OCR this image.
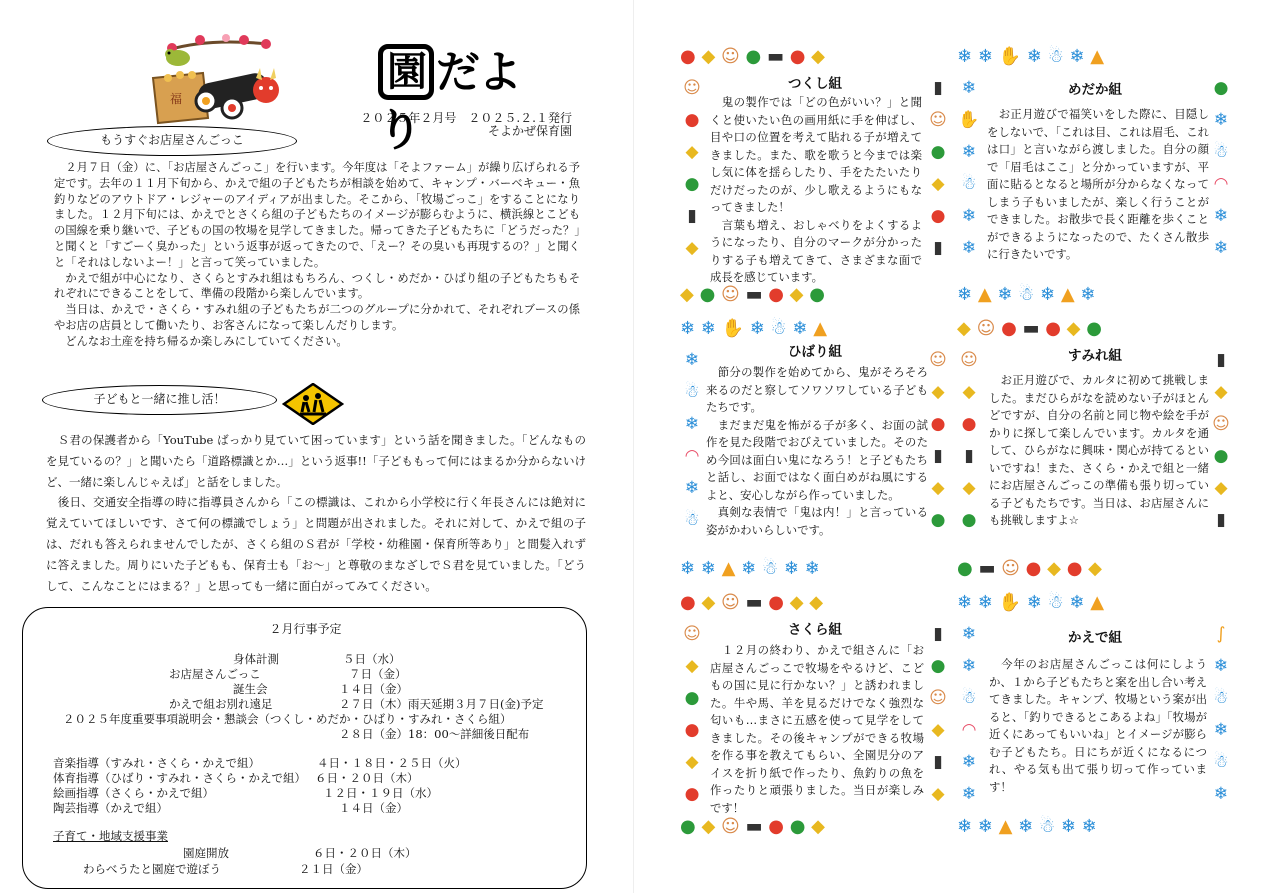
福
園 だより
２０２５年２月号　２０２５.２.１発行
そよかぜ保育園
もうすぐお店屋さんごっこ
　２月７日（金）に、「お店屋さんごっこ」を行います。今年度は「そよファーム」が繰り広げられる予定です。去年の１１月下旬から、かえで組の子どもたちが相談を始めて、キャンプ・バーベキュー・魚釣りなどのアウトドア・レジャーのアイディアが出ました。そこから、「牧場ごっこ」をすることになりました。１２月下旬には、かえでとさくら組の子どもたちのイメージが膨らむように、横浜線とこどもの国線を乗り継いで、子どもの国の牧場を見学してきました。帰ってきた子どもたちに「どうだった？」と聞くと「すごーく臭かった」という返事が返ってきたので、「えー？その臭いも再現するの？」と聞くと「それはしないよー！」と言って笑っていました。
　かえで組が中心になり、さくらとすみれ組はもちろん、つくし・めだか・ひばり組の子どもたちもそれぞれにできることをして、準備の段階から楽しんでいます。
　当日は、かえで・さくら・すみれ組の子どもたちが二つのグループに分かれて、それぞれブースの係やお店の店員として働いたり、お客さんになって楽しんだりします。
　どんなお土産を持ち帰るか楽しみにしていてください。
子どもと一緒に推し活！
　Ｓ君の保護者から「YouTube ばっかり見ていて困っています」という話を聞きました。「どんなものを見ているの？」と聞いたら「道路標識とか…」という返事!!「子どももって何にはまるか分からないけど、一緒に楽しんじゃえば」と話をしました。
　後日、交通安全指導の時に指導員さんから「この標識は、これから小学校に行く年長さんには絶対に覚えていてほしいです、さて何の標識でしょう」と問題が出されました。それに対して、かえで組の子は、だれも答えられませんでしたが、さくら組のＳ君が「学校・幼稚園・保育所等あり」と間髪入れずに答えました。周りにいた子どもも、保育士も「お～」と尊敬のまなざしでＳ君を見ていました。「どうして、こんなことにはまる？」と思っても一緒に面白がってみてください。
２月行事予定
身体計測	５日（水）
お店屋さんごっこ	７日（金）
誕生会	１４日（金）
かえで組お別れ遠足	２７日（木）雨天延期３月７日(金)予定
２０２５年度重要事項説明会・懇談会（つくし・めだか・ひばり・すみれ・さくら組）
２８日（金）18：00～詳細後日配布
音楽指導（すみれ・さくら・かえで組）	４日・１８日・２５日（火）
体育指導（ひばり・すみれ・さくら・かえで組） ６日・２０日（木）
絵画指導（さくら・かえで組）	１２日・１９日（水）
陶芸指導（かえで組）	１４日（金）
子育て・地域支援事業
園庭開放	６日・２０日（木）
わらべうたと園庭で遊ぼう	２１日（金）
● ◆ ☺ ● ▬ ● ◆
☺
●
◆
●
▮
◆
▮
☺
●
◆
●
▮
◆ ● ☺ ▬ ● ◆ ●
つくし組
　鬼の製作では「どの色がいい？」と聞くと使いたい色の画用紙に手を伸ばし、目や口の位置を考えて貼れる子が増えてきました。また、歌を歌うと今までは楽し気に体を揺らしたり、手をたたいたりだけだったのが、少し歌えるようにもなってきました！
　言葉も増え、おしゃべりをよくするようになったり、自分のマークが分かったりする子も増えてきて、さまざまな面で成長を感じています。
❄ ❄ ✋ ❄ ☃ ❄ ▲
❄
✋
❄
☃
❄
❄
●
❄
☃
◠
❄
❄
❄ ▲ ❄ ☃ ❄ ▲ ❄
めだか組
　お正月遊びで福笑いをした際に、目隠しをしないで、「これは目、これは眉毛、これは口」と言いながら渡しました。自分の顔で「眉毛はここ」と分かっていますが、平面に貼るとなると場所が分からなくなってしまう子もいましたが、楽しく行うことができました。お散歩で長く距離を歩くことができるようになったので、たくさん散歩に行きたいです。
❄ ❄ ✋ ❄ ☃ ❄ ▲
❄
☃
❄
◠
❄
☃
☺
◆
●
▮
◆
●
❄ ❄ ▲ ❄ ☃ ❄ ❄
ひばり組
　節分の製作を始めてから、鬼がそろそろ来るのだと察してソワソワしている子どもたちです。
　まだまだ鬼を怖がる子が多く、お面の試作を見た段階でおびえていました。そのため今回は面白い鬼になろう！と子どもたちと話し、お面ではなく面白めがね風にするよと、安心しながら作っていました。
　真剣な表情で「鬼は内！」と言っている姿がかわいらしいです。
◆ ☺ ● ▬ ● ◆ ●
☺
◆
●
▮
◆
●
▮
◆
☺
●
◆
▮
● ▬ ☺ ● ◆ ● ◆
すみれ組
　お正月遊びで、カルタに初めて挑戦しました。まだひらがなを読めない子がほとんどですが、自分の名前と同じ物や絵を手がかりに探して楽しんでいます。カルタを通して、ひらがなに興味・関心が持てるといいですね！また、さくら・かえで組と一緒にお店屋さんごっこの準備も張り切っている子どもたちです。当日は、お店屋さんにも挑戦しますよ☆
● ◆ ☺ ▬ ● ◆ ◆
☺
◆
●
●
◆
●
▮
●
☺
◆
▮
◆
● ◆ ☺ ▬ ● ● ◆
さくら組
　１２月の終わり、かえで組さんに「お店屋さんごっこで牧場をやるけど、こどもの国に見に行かない？」と誘われました。牛や馬、羊を見るだけでなく強烈な匂いも…まさに五感を使って見学をしてきました。その後キャンプができる牧場を作る事を教えてもらい、全園児分のアイスを折り紙で作ったり、魚釣りの魚を作ったりと頑張りました。当日が楽しみです！
❄ ❄ ✋ ❄ ☃ ❄ ▲
❄
❄
☃
◠
❄
❄
∫
❄
☃
❄
☃
❄
❄ ❄ ▲ ❄ ☃ ❄ ❄
かえで組
　今年のお店屋さんごっこは何にしようか、１から子どもたちと案を出し合い考えてきました。キャンプ、牧場という案が出ると、「釣りできるとこあるよね」「牧場が近くにあってもいいね」とイメージが膨らむ子どもたち。日にちが近くになるにつれ、やる気も出て張り切って作っています！
